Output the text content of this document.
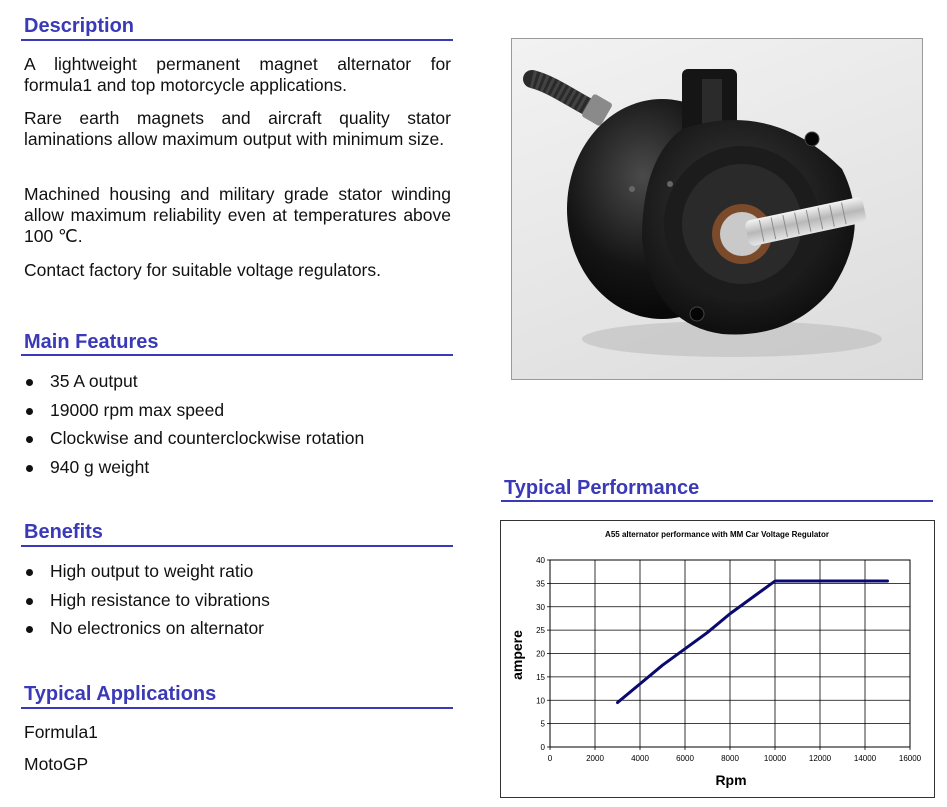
Description
A lightweight permanent magnet alternator for formula1 and top motorcycle applications.
Rare earth magnets and aircraft quality stator laminations allow maximum output with minimum size.
Machined housing and military grade stator winding allow maximum reliability even at temperatures above 100 ℃.
Contact factory for suitable voltage regulators.
Main Features
35 A output
19000 rpm max speed
Clockwise and counterclockwise rotation
940 g weight
Benefits
High output to weight ratio
High resistance to vibrations
No electronics on alternator
Typical Applications
Formula1
MotoGP
Typical Performance
A55 alternator performance with MM Car Voltage Regulator
0	2000	4000	6000	8000	10000	12000	14000	16000
0
5
10
15
20
25
30
35
40
Rpm
ampere
